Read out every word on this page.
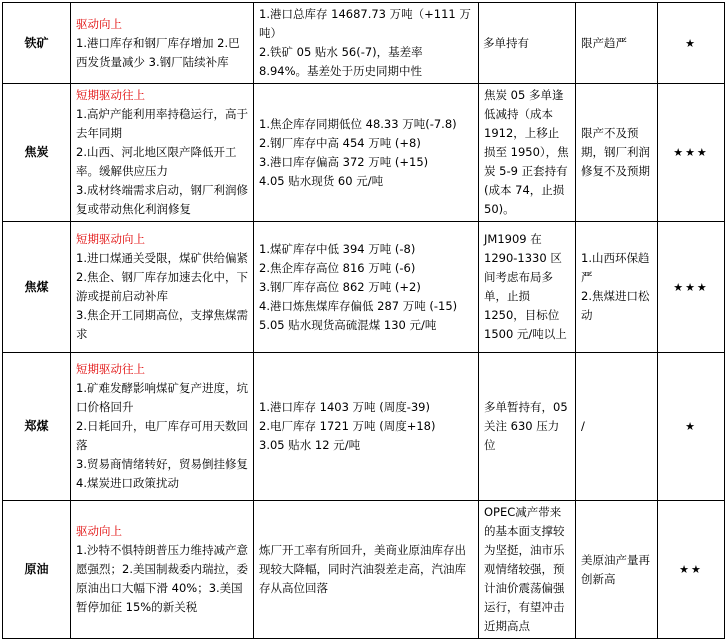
铁矿	驱动向上
1.港口库存和钢厂库存增加 2.巴西发货量减少 3.钢厂陆续补库	1.港口总库存 14687.73 万吨（+111 万吨）
2.铁矿 05 贴水 56(-7)，基差率 8.94%。基差处于历史同期中性	多单持有	限产趋严	★
焦炭	短期驱动往上
1.高炉产能利用率持稳运行，高于去年同期
2.山西、河北地区限产降低开工率。缓解供应压力
3.成材终端需求启动，钢厂利润修复或带动焦化利润修复	1.焦企库存同期低位 48.33 万吨(-7.8)
2.钢厂库存中高 454 万吨 (+8)
3.港口库存偏高 372 万吨 (+15)
4.05 贴水现货 60 元/吨	焦炭 05 多单逢低减持（成本 1912，上移止损至 1950），焦炭 5-9 正套持有(成本 74，止损 50)。	限产不及预期，钢厂利润修复不及预期	★★★
焦煤	短期驱动向上
1.进口煤通关受限，煤矿供给偏紧
2.焦企、钢厂库存加速去化中，下游或提前启动补库
3.焦企开工同期高位，支撑焦煤需求	1.煤矿库存中低 394 万吨 (-8)
2.焦企库存高位 816 万吨 (-6)
3.钢厂库存高位 862 万吨 (+2)
4.港口炼焦煤库存偏低 287 万吨 (-15)
5.05 贴水现货高硫混煤 130 元/吨	JM1909 在 1290-1330 区间考虑布局多单，止损 1250，目标位 1500 元/吨以上	1.山西环保趋严
2.焦煤进口松动	★★★
郑煤	短期驱动往上
1.矿难发酵影响煤矿复产进度，坑口价格回升
2.日耗回升，电厂库存可用天数回落
3.贸易商情绪转好，贸易倒挂修复
4.煤炭进口政策扰动	1.港口库存 1403 万吨 (周度-39)
2.电厂库存 1721 万吨 (周度+18)
3.05 贴水 12 元/吨	多单暂持有，05 关注 630 压力位	/	★
原油	驱动向上
1.沙特不惧特朗普压力维持减产意愿强烈；2.美国制裁委内瑞拉，委原油出口大幅下滑 40%；3.美国暂停加征 15%的新关税	炼厂开工率有所回升，美商业原油库存出现较大降幅，同时汽油裂差走高，汽油库存从高位回落	OPEC减产带来的基本面支撑较为坚挺，油市乐观情绪较强，预计油价震荡偏强运行，有望冲击近期高点	美原油产量再创新高	★★
